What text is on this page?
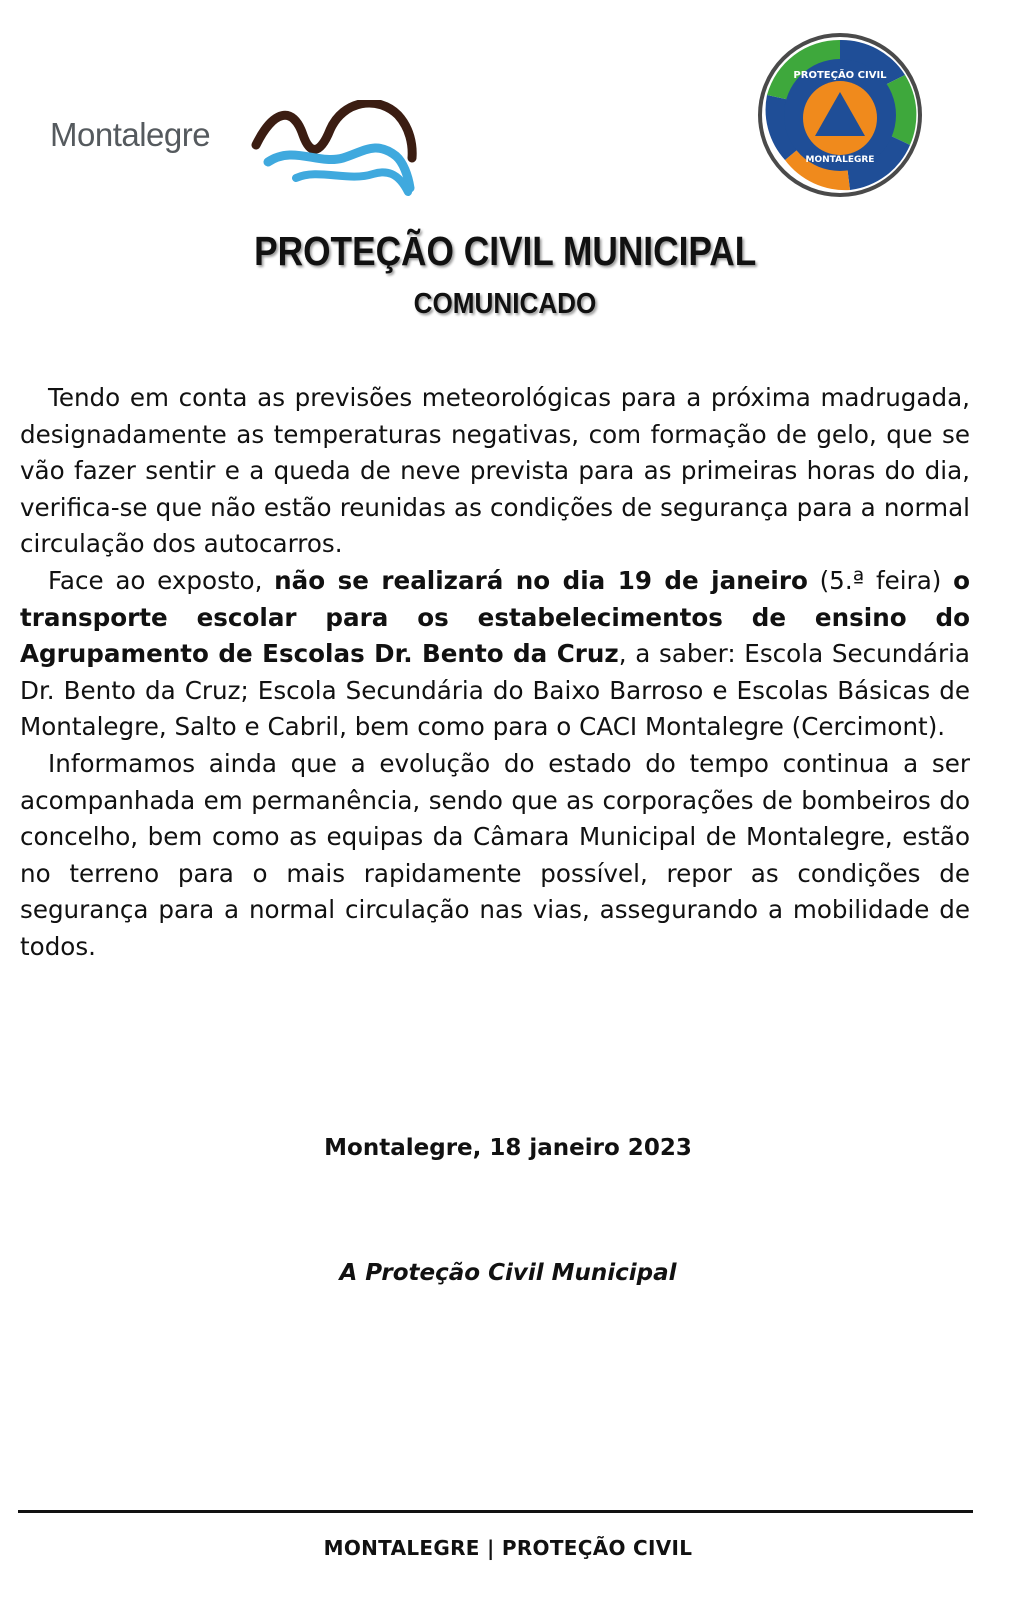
Montalegre
PROTEÇÃO CIVIL
MONTALEGRE
PROTEÇÃO CIVIL MUNICIPAL
COMUNICADO

Tendo em conta as previsões meteorológicas para a próxima madrugada, designadamente as temperaturas negativas, com formação de gelo, que se vão fazer sentir e a queda de neve prevista para as primeiras horas do dia, verifica-se que não estão reunidas as condições de segurança para a normal circulação dos autocarros.

Face ao exposto, não se realizará no dia 19 de janeiro (5.ª feira) o transporte escolar para os estabelecimentos de ensino do Agrupamento de Escolas Dr. Bento da Cruz, a saber: Escola Secundária Dr. Bento da Cruz; Escola Secundária do Baixo Barroso e Escolas Básicas de Montalegre, Salto e Cabril, bem como para o CACI Montalegre (Cercimont).

Informamos ainda que a evolução do estado do tempo continua a ser acompanhada em permanência, sendo que as corporações de bombeiros do concelho, bem como as equipas da Câmara Municipal de Montalegre, estão no terreno para o mais rapidamente possível, repor as condições de segurança para a normal circulação nas vias, assegurando a mobilidade de todos.

Montalegre, 18 janeiro 2023
A Proteção Civil Municipal
MONTALEGRE | PROTEÇÃO CIVIL
